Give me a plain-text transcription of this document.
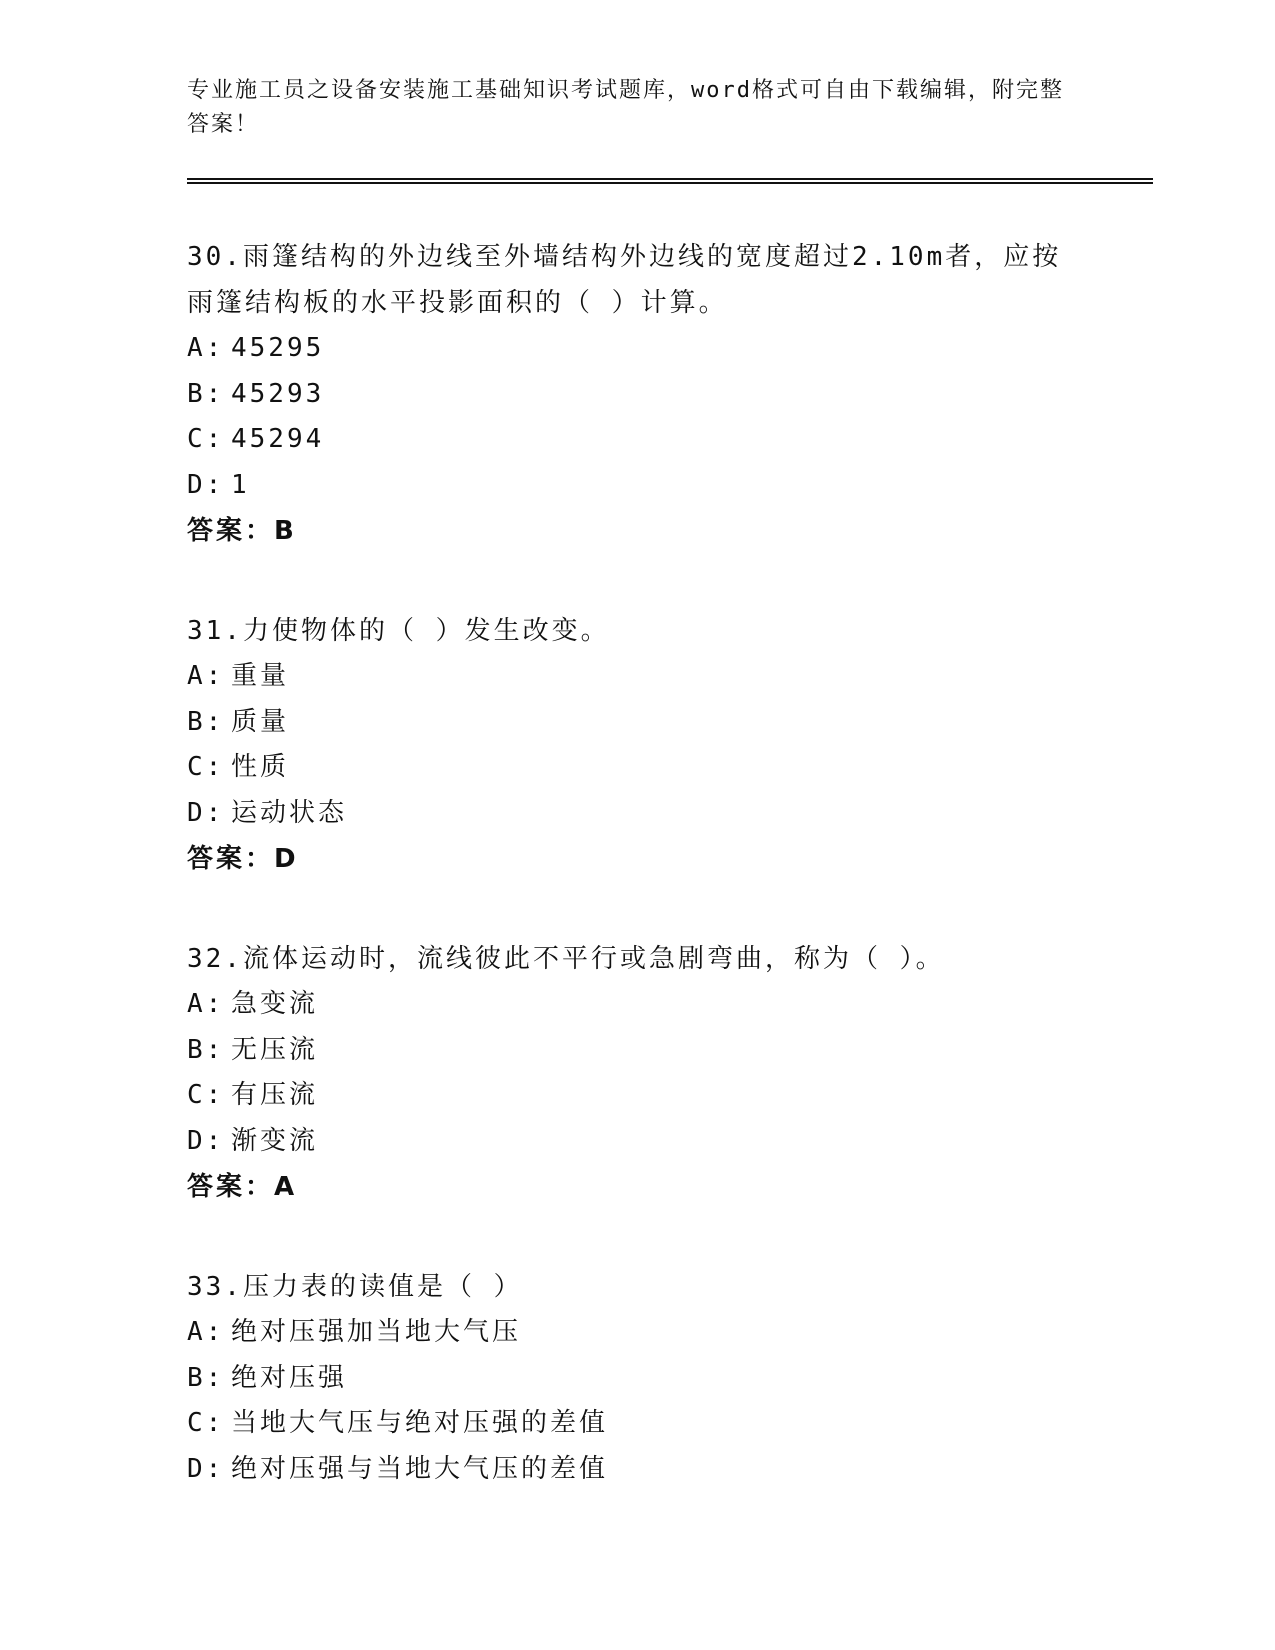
专业施工员之设备安装施工基础知识考试题库，word格式可自由下载编辑，附完整答案！
30.雨篷结构的外边线至外墙结构外边线的宽度超过2.10m者，应按雨篷结构板的水平投影面积的（ ）计算。
A: 45295
B: 45293
C: 45294
D: 1
答案：B
31.力使物体的（ ）发生改变。
A: 重量
B: 质量
C: 性质
D: 运动状态
答案：D
32.流体运动时，流线彼此不平行或急剧弯曲，称为（ ）。
A: 急变流
B: 无压流
C: 有压流
D: 渐变流
答案：A
33.压力表的读值是（ ）
A: 绝对压强加当地大气压
B: 绝对压强
C: 当地大气压与绝对压强的差值
D: 绝对压强与当地大气压的差值
